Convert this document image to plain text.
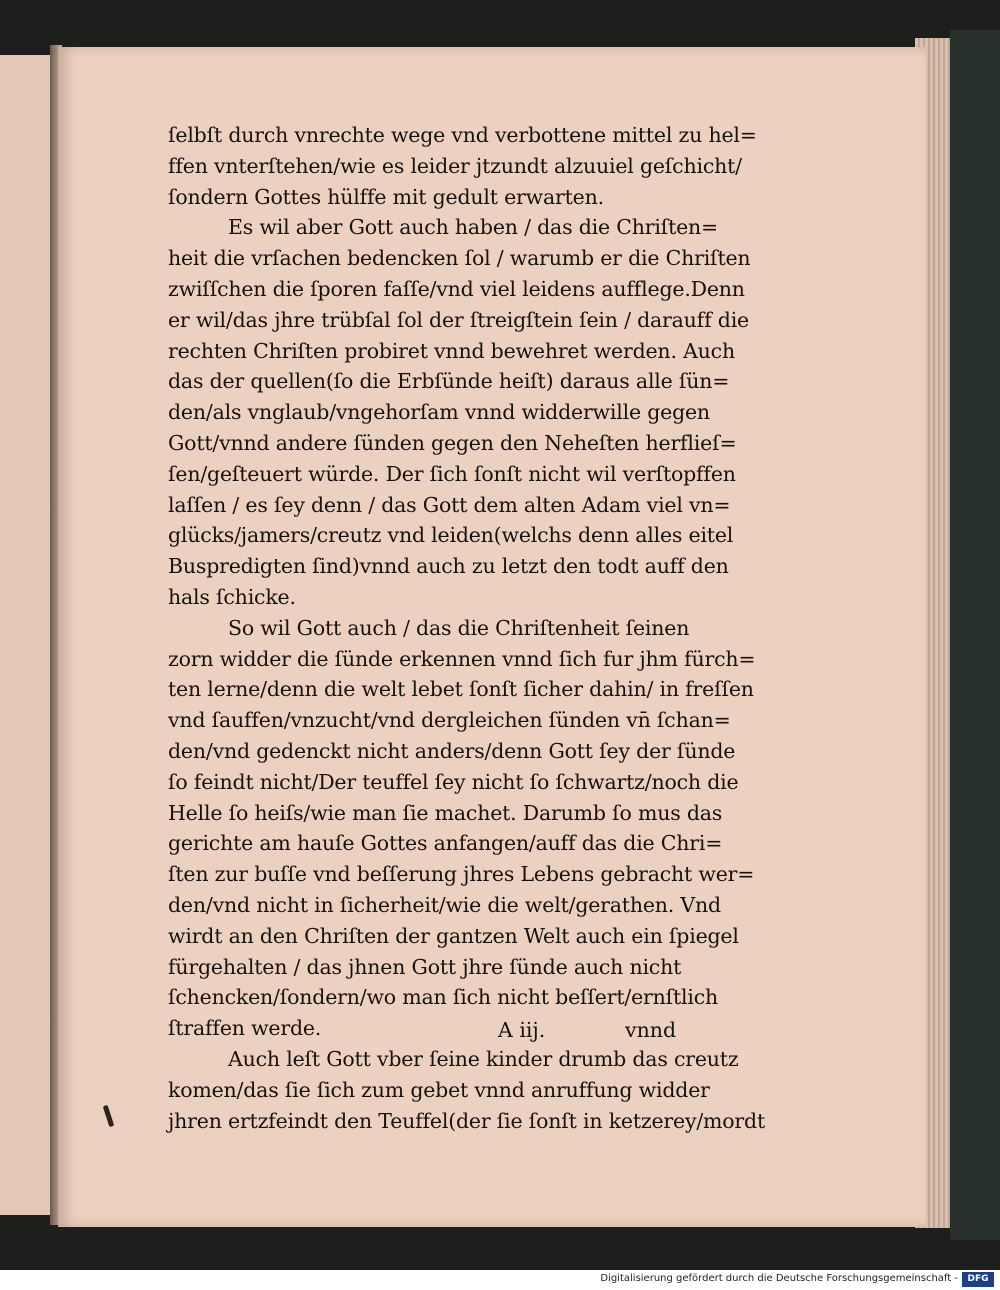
ſelbſt durch vnrechte wege vnd verbottene mittel zu hel=
ffen vnterſtehen/wie es leider jtzundt alzuuiel geſchicht/
ſondern Gottes hülffe mit gedult erwarten.
Es wil aber Gott auch haben / das die Chriſten=
heit die vrſachen bedencken ſol / warumb er die Chriſten
zwiſſchen die ſporen faſſe/vnd viel leidens aufflege.Denn
er wil/das jhre trübſal ſol der ſtreigſtein ſein / darauff die
rechten Chriſten probiret vnnd bewehret werden. Auch
das der quellen(ſo die Erbſünde heiſt) daraus alle ſün=
den/als vnglaub/vngehorſam vnnd widderwille gegen
Gott/vnnd andere ſünden gegen den Neheſten herflieſ=
ſen/geſteuert würde. Der ſich ſonſt nicht wil verſtopffen
laſſen / es ſey denn / das Gott dem alten Adam viel vn=
glücks/jamers/creutz vnd leiden(welchs denn alles eitel
Buspredigten ſind)vnnd auch zu letzt den todt auff den
hals ſchicke.
So wil Gott auch / das die Chriſtenheit ſeinen
zorn widder die ſünde erkennen vnnd ſich fur jhm fürch=
ten lerne/denn die welt lebet ſonſt ſicher dahin/ in freſſen
vnd ſauffen/vnzucht/vnd dergleichen ſünden vn̄ ſchan=
den/vnd gedenckt nicht anders/denn Gott ſey der ſünde
ſo feindt nicht/Der teuffel ſey nicht ſo ſchwartz/noch die
Helle ſo heiſs/wie man ſie machet. Darumb ſo mus das
gerichte am hauſe Gottes anfangen/auff das die Chri=
ſten zur buſſe vnd beſſerung jhres Lebens gebracht wer=
den/vnd nicht in ſicherheit/wie die welt/gerathen. Vnd
wirdt an den Chriſten der gantzen Welt auch ein ſpiegel
fürgehalten / das jhnen Gott jhre ſünde auch nicht
ſchencken/ſondern/wo man ſich nicht beſſert/ernſtlich
ſtraffen werde.
Auch leſt Gott vber ſeine kinder drumb das creutz
komen/das ſie ſich zum gebet vnnd anruffung widder
jhren ertzfeindt den Teuffel(der ſie ſonſt in ketzerey/mordt
A iij.	vnnd
Digitalisierung gefördert durch die Deutsche Forschungsgemeinschaft -	DFG
